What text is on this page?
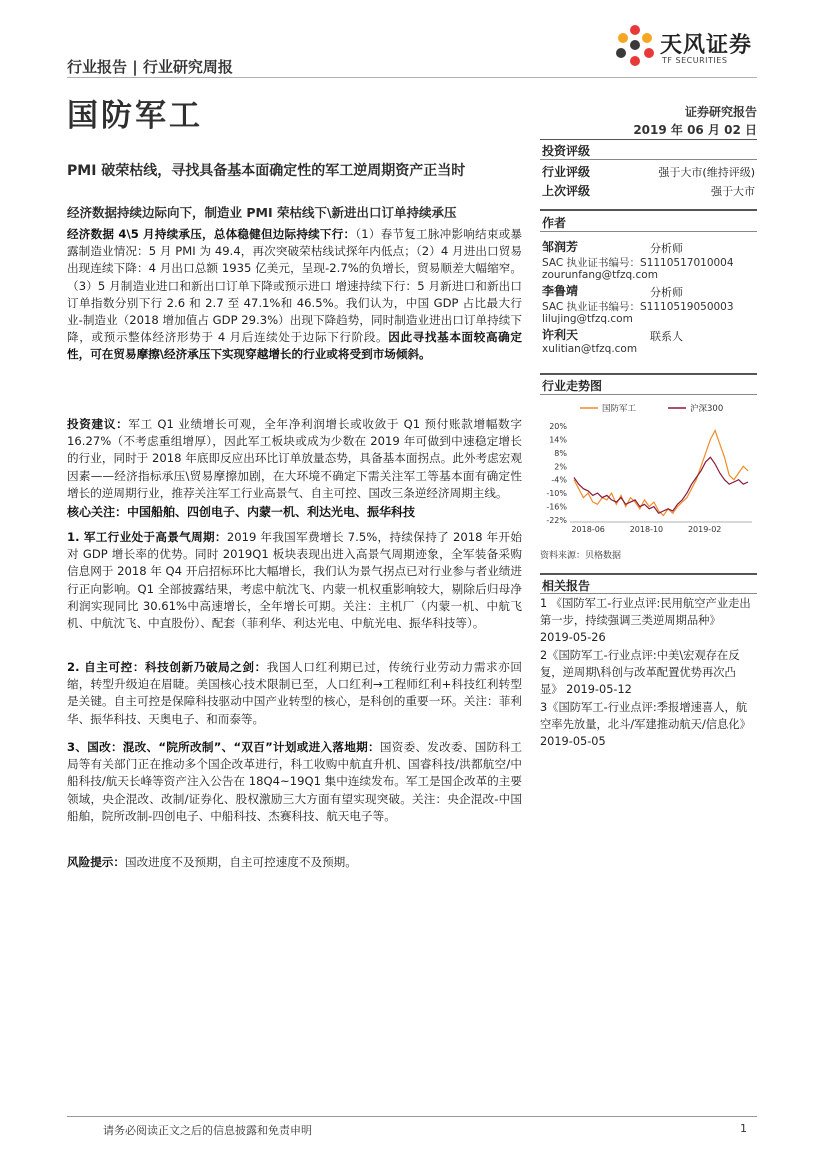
天风证券
TF SECURITIES
行业报告 | 行业研究周报
国防军工	证券研究报告
2019 年 06 月 02 日
PMI 破荣枯线，寻找具备基本面确定性的军工逆周期资产正当时
经济数据持续边际向下，制造业 PMI 荣枯线下\新进出口订单持续承压
经济数据 4\5 月持续承压，总体稳健但边际持续下行：（1）春节复工脉冲影响结束或暴露制造业情况：5 月 PMI 为 49.4，再次突破荣枯线试探年内低点；（2）4 月进出口贸易出现连续下降：4 月出口总额 1935 亿美元，呈现-2.7%的负增长，贸易顺差大幅缩窄。（3）5 月制造业进口和新出口订单下降或预示进口 增速持续下行：5 月新进口和新出口订单指数分别下行 2.6 和 2.7 至 47.1%和 46.5%。我们认为，中国 GDP 占比最大行业-制造业（2018 增加值占 GDP 29.3%）出现下降趋势，同时制造业进出口订单持续下降，或预示整体经济形势于 4 月后连续处于边际下行阶段。因此寻找基本面较高确定性，可在贸易摩擦\经济承压下实现穿越增长的行业或将受到市场倾斜。
投资建议：军工 Q1 业绩增长可观，全年净利润增长或收敛于 Q1 预付账款增幅数字 16.27%（不考虑重组增厚），因此军工板块或成为少数在 2019 年可做到中速稳定增长的行业，同时于 2018 年底即反应出环比订单放量态势，具备基本面拐点。此外考虑宏观因素——经济指标承压\贸易摩擦加剧，在大环境不确定下需关注军工等基本面有确定性增长的逆周期行业，推荐关注军工行业高景气、自主可控、国改三条逆经济周期主线。
核心关注：中国船舶、四创电子、内蒙一机、利达光电、振华科技
1. 军工行业处于高景气周期：2019 年我国军费增长 7.5%，持续保持了 2018 年开始对 GDP 增长率的优势。同时 2019Q1 板块表现出进入高景气周期迹象，全军装备采购信息网于 2018 年 Q4 开启招标环比大幅增长，我们认为景气拐点已对行业参与者业绩进行正向影响。Q1 全部披露结果，考虑中航沈飞、内蒙一机权重影响较大，剔除后归母净利润实现同比 30.61%中高速增长，全年增长可期。关注：主机厂（内蒙一机、中航飞机、中航沈飞、中直股份）、配套（菲利华、利达光电、中航光电、振华科技等）。
2. 自主可控：科技创新乃破局之剑：我国人口红利期已过，传统行业劳动力需求亦回缩，转型升级迫在眉睫。美国核心技术限制已至，人口红利→工程师红利+科技红利转型是关键。自主可控是保障科技驱动中国产业转型的核心，是科创的重要一环。关注：菲利华、振华科技、天奥电子、和而泰等。
3、国改：混改、“院所改制”、“双百”计划或进入落地期：国资委、发改委、国防科工局等有关部门正在推动多个国企改革进行，科工收购中航直升机、国睿科技/洪都航空/中船科技/航天长峰等资产注入公告在 18Q4~19Q1 集中连续发布。军工是国企改革的主要领域，央企混改、改制/证券化、股权激励三大方面有望实现突破。关注：央企混改-中国船舶，院所改制-四创电子、中船科技、杰赛科技、航天电子等。
风险提示：国改进度不及预期，自主可控速度不及预期。
投资评级
行业评级	强于大市(维持评级)
上次评级	强于大市
作者
邹润芳	分析师
SAC 执业证书编号：S1110517010004
zourunfang@tfzq.com
李鲁靖	分析师
SAC 执业证书编号：S1110519050003
lilujing@tfzq.com
许利天	联系人
xulitian@tfzq.com
行业走势图
20%
14%
8%
2%
-4%
-10%
-16%
-22%
2018-06	2018-10	2019-02
国防军工	沪深300
资料来源：贝格数据
相关报告
1 《国防军工-行业点评:民用航空产业走出第一步，持续强调三类逆周期品种》 2019-05-26
2《国防军工-行业点评:中美\宏观存在反复，逆周期\科创与改革配置优势再次凸显》 2019-05-12
3《国防军工-行业点评:季报增速喜人，航空率先放量，北斗/军建推动航天/信息化》 2019-05-05
请务必阅读正文之后的信息披露和免责申明	1
